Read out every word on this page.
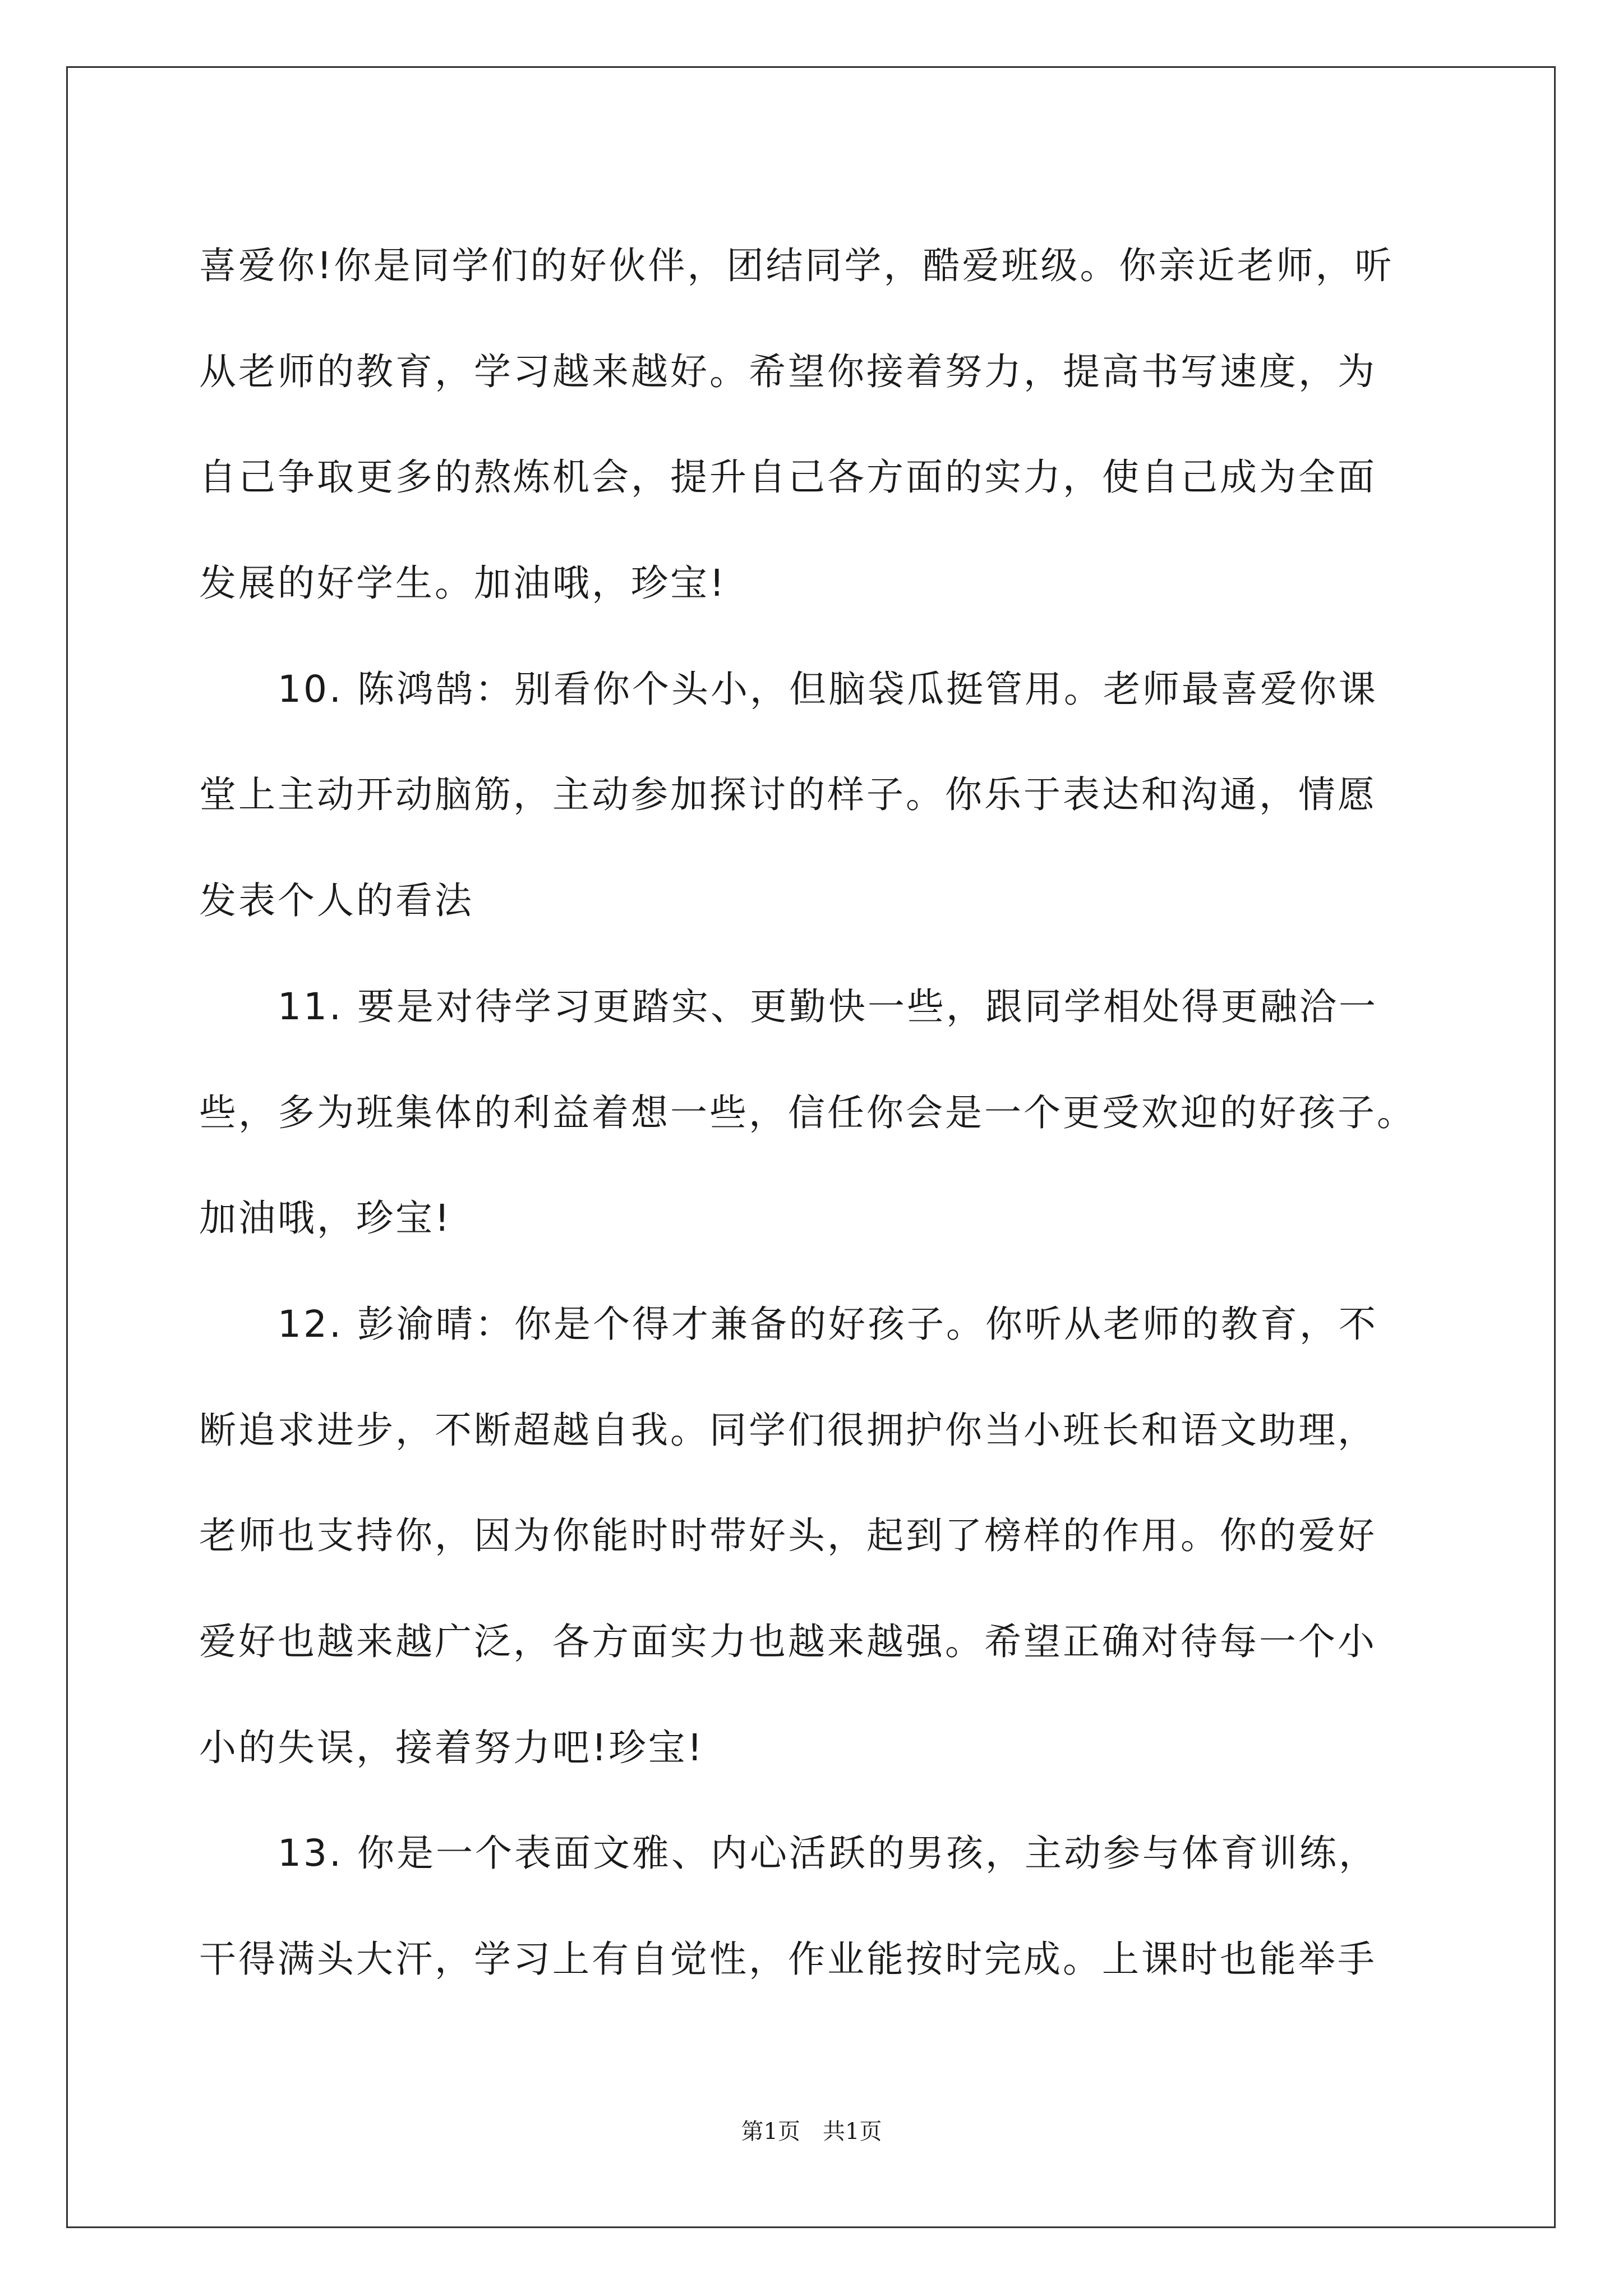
喜爱你!你是同学们的好伙伴，团结同学，酷爱班级。你亲近老师，听
从老师的教育，学习越来越好。希望你接着努力，提高书写速度，为
自己争取更多的熬炼机会，提升自己各方面的实力，使自己成为全面
发展的好学生。加油哦，珍宝!
　　10. 陈鸿鹄：别看你个头小，但脑袋瓜挺管用。老师最喜爱你课
堂上主动开动脑筋，主动参加探讨的样子。你乐于表达和沟通，情愿
发表个人的看法
　　11. 要是对待学习更踏实、更勤快一些，跟同学相处得更融洽一
些，多为班集体的利益着想一些，信任你会是一个更受欢迎的好孩子。
加油哦，珍宝!
　　12. 彭渝晴：你是个得才兼备的好孩子。你听从老师的教育，不
断追求进步，不断超越自我。同学们很拥护你当小班长和语文助理，
老师也支持你，因为你能时时带好头，起到了榜样的作用。你的爱好
爱好也越来越广泛，各方面实力也越来越强。希望正确对待每一个小
小的失误，接着努力吧!珍宝!
　　13. 你是一个表面文雅、内心活跃的男孩，主动参与体育训练，
干得满头大汗，学习上有自觉性，作业能按时完成。上课时也能举手
第1页　共1页
